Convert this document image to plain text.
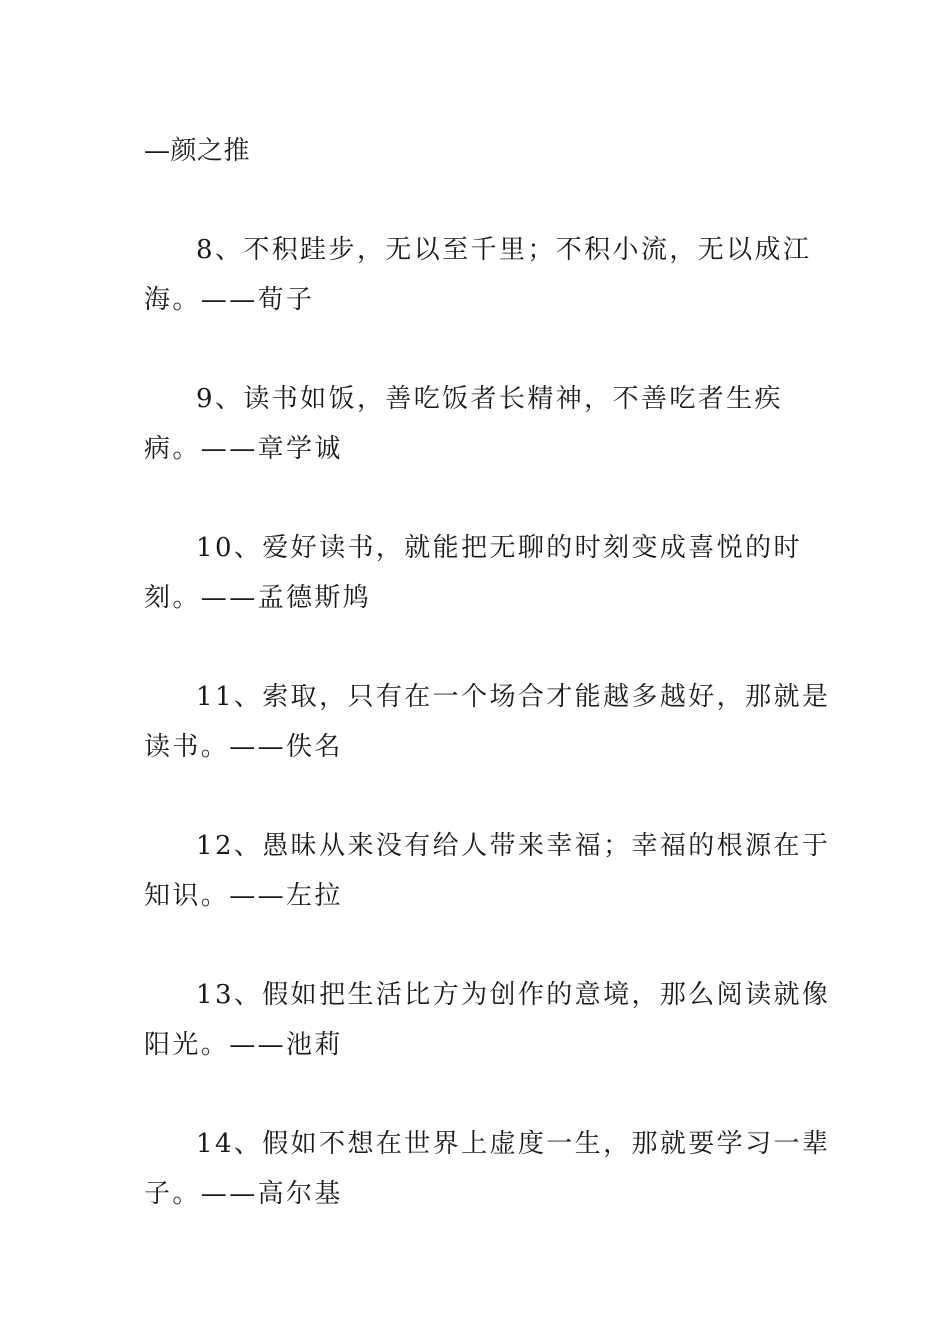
—颜之推

8、不积跬步，无以至千里；不积小流，无以成江海。——荀子

9、读书如饭，善吃饭者长精神，不善吃者生疾病。——章学诚

10、爱好读书，就能把无聊的时刻变成喜悦的时刻。——孟德斯鸠

11、索取，只有在一个场合才能越多越好，那就是读书。——佚名

12、愚昧从来没有给人带来幸福；幸福的根源在于知识。——左拉

13、假如把生活比方为创作的意境，那么阅读就像阳光。——池莉

14、假如不想在世界上虚度一生，那就要学习一辈子。——高尔基
